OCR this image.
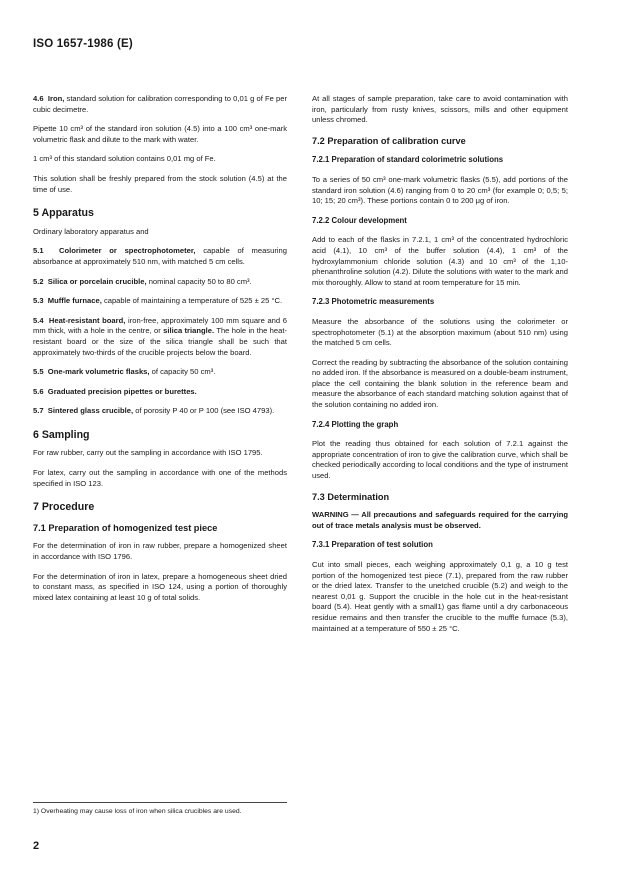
ISO 1657-1986 (E)

4.6 Iron, standard solution for calibration corresponding to 0,01 g of Fe per cubic decimetre.

Pipette 10 cm³ of the standard iron solution (4.5) into a 100 cm³ one-mark volumetric flask and dilute to the mark with water.

1 cm³ of this standard solution contains 0,01 mg of Fe.

This solution shall be freshly prepared from the stock solution (4.5) at the time of use.

5 Apparatus

Ordinary laboratory apparatus and

5.1 Colorimeter or spectrophotometer, capable of measuring absorbance at approximately 510 nm, with matched 5 cm cells.

5.2 Silica or porcelain crucible, nominal capacity 50 to 80 cm³.

5.3 Muffle furnace, capable of maintaining a temperature of 525 ± 25 °C.

5.4 Heat-resistant board, iron-free, approximately 100 mm square and 6 mm thick, with a hole in the centre, or silica triangle. The hole in the heat-resistant board or the size of the silica triangle shall be such that approximately two-thirds of the crucible projects below the board.

5.5 One-mark volumetric flasks, of capacity 50 cm³.

5.6 Graduated precision pipettes or burettes.

5.7 Sintered glass crucible, of porosity P 40 or P 100 (see ISO 4793).

6 Sampling

For raw rubber, carry out the sampling in accordance with ISO 1795.

For latex, carry out the sampling in accordance with one of the methods specified in ISO 123.

7 Procedure
7.1 Preparation of homogenized test piece

For the determination of iron in raw rubber, prepare a homogenized sheet in accordance with ISO 1796.

For the determination of iron in latex, prepare a homogeneous sheet dried to constant mass, as specified in ISO 124, using a portion of thoroughly mixed latex containing at least 10 g of total solids.

At all stages of sample preparation, take care to avoid contamination with iron, particularly from rusty knives, scissors, mills and other equipment unless chromed.

7.2 Preparation of calibration curve
7.2.1 Preparation of standard colorimetric solutions

To a series of 50 cm³ one-mark volumetric flasks (5.5), add portions of the standard iron solution (4.6) ranging from 0 to 20 cm³ (for example 0; 0,5; 5; 10; 15; 20 cm³). These portions contain 0 to 200 μg of iron.

7.2.2 Colour development

Add to each of the flasks in 7.2.1, 1 cm³ of the concentrated hydrochloric acid (4.1), 10 cm³ of the buffer solution (4.4), 1 cm³ of the hydroxylammonium chloride solution (4.3) and 10 cm³ of the 1,10-phenanthroline solution (4.2). Dilute the solutions with water to the mark and mix thoroughly. Allow to stand at room temperature for 15 min.

7.2.3 Photometric measurements

Measure the absorbance of the solutions using the colorimeter or spectrophotometer (5.1) at the absorption maximum (about 510 nm) using the matched 5 cm cells.

Correct the reading by subtracting the absorbance of the solution containing no added iron. If the absorbance is measured on a double-beam instrument, place the cell containing the blank solution in the reference beam and measure the absorbance of each standard matching solution against that of the solution containing no added iron.

7.2.4 Plotting the graph

Plot the reading thus obtained for each solution of 7.2.1 against the appropriate concentration of iron to give the calibration curve, which shall be checked periodically according to local conditions and the type of instrument used.

7.3 Determination

WARNING — All precautions and safeguards required for the carrying out of trace metals analysis must be observed.

7.3.1 Preparation of test solution

Cut into small pieces, each weighing approximately 0,1 g, a 10 g test portion of the homogenized test piece (7.1), prepared from the raw rubber or the dried latex. Transfer to the unetched crucible (5.2) and weigh to the nearest 0,01 g. Support the crucible in the hole cut in the heat-resistant board (5.4). Heat gently with a small1) gas flame until a dry carbonaceous residue remains and then transfer the crucible to the muffle furnace (5.3), maintained at a temperature of 550 ± 25 °C.

1) Overheating may cause loss of iron when silica crucibles are used.
2
